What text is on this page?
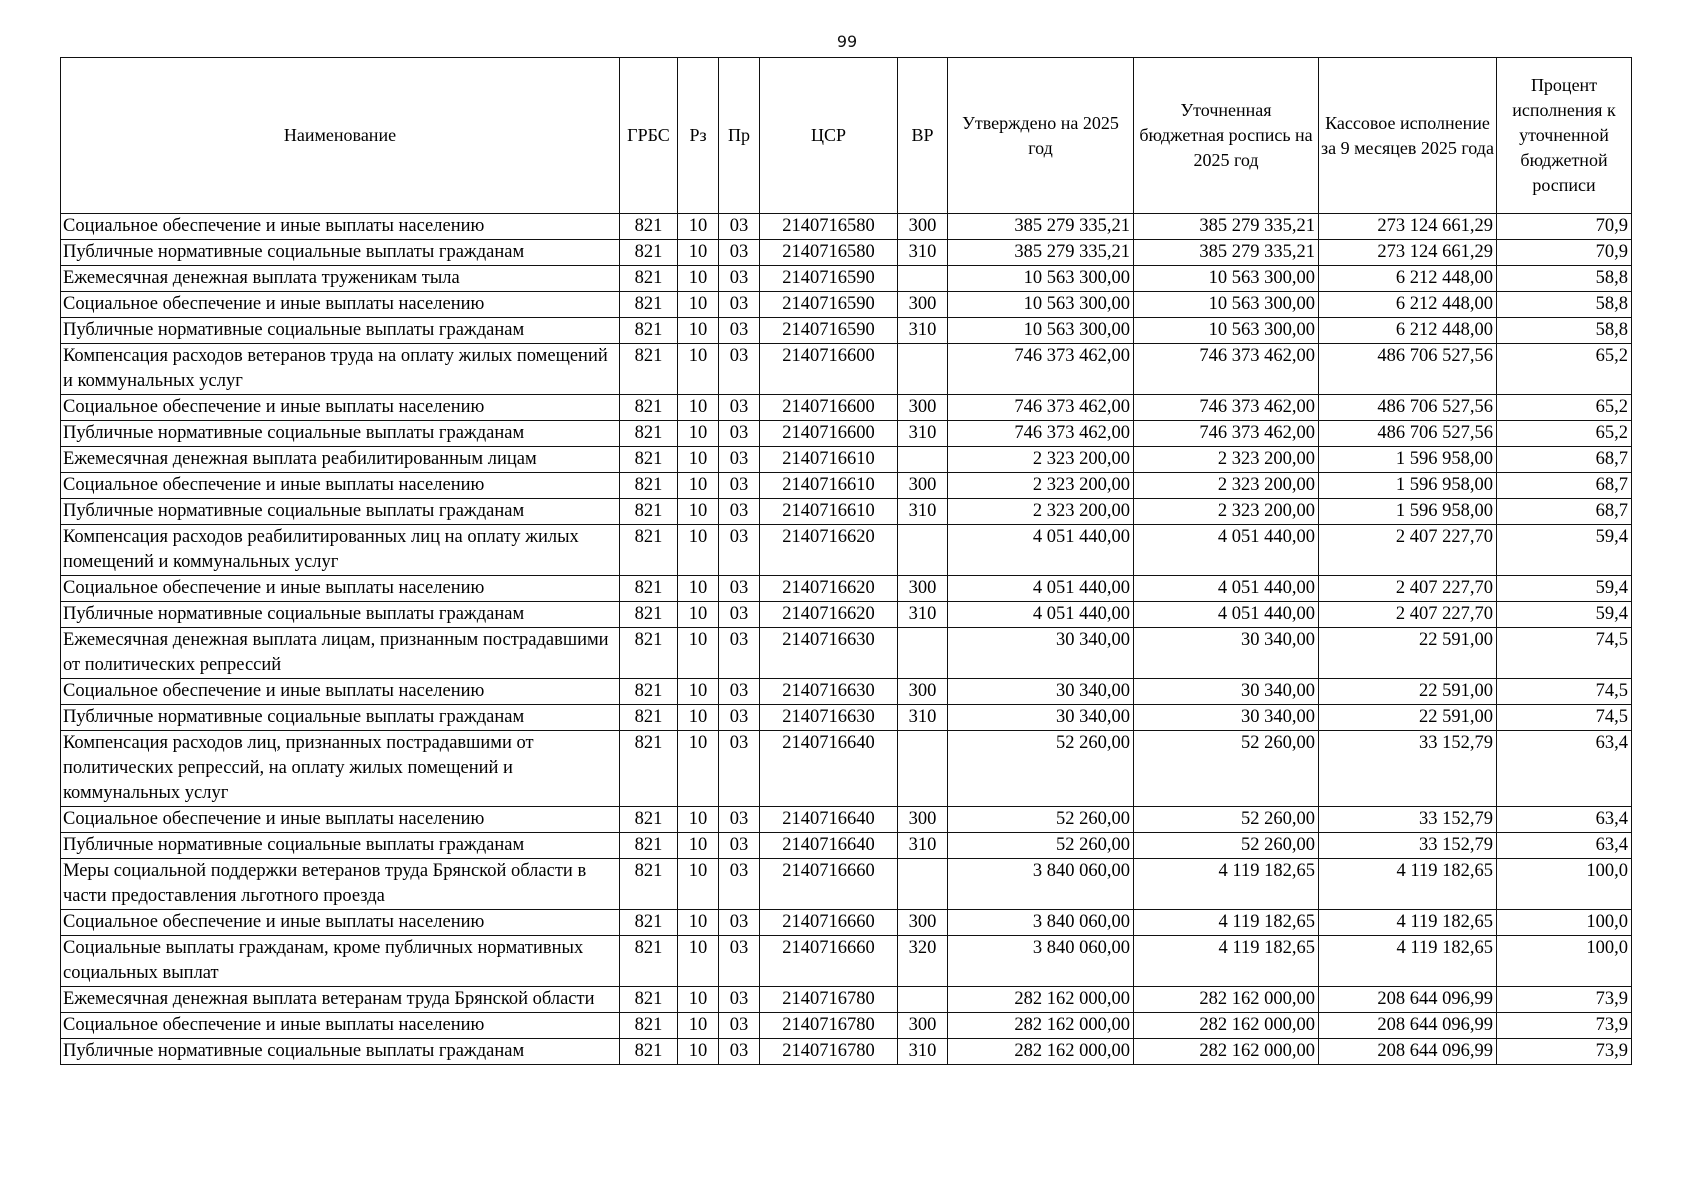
99
Наименование	ГРБС	Рз	Пр	ЦСР	ВР	Утверждено на 2025 год	Уточненная бюджетная роспись на 2025 год	Кассовое исполнение за 9 месяцев 2025 года	Процент исполнения к уточненной бюджетной росписи
Социальное обеспечение и иные выплаты населению	821	10	03	2140716580	300	385 279 335,21	385 279 335,21	273 124 661,29	70,9
Публичные нормативные социальные выплаты гражданам	821	10	03	2140716580	310	385 279 335,21	385 279 335,21	273 124 661,29	70,9
Ежемесячная денежная выплата труженикам тыла	821	10	03	2140716590		10 563 300,00	10 563 300,00	6 212 448,00	58,8
Социальное обеспечение и иные выплаты населению	821	10	03	2140716590	300	10 563 300,00	10 563 300,00	6 212 448,00	58,8
Публичные нормативные социальные выплаты гражданам	821	10	03	2140716590	310	10 563 300,00	10 563 300,00	6 212 448,00	58,8
Компенсация расходов ветеранов труда на оплату жилых помещений и коммунальных услуг	821	10	03	2140716600		746 373 462,00	746 373 462,00	486 706 527,56	65,2
Социальное обеспечение и иные выплаты населению	821	10	03	2140716600	300	746 373 462,00	746 373 462,00	486 706 527,56	65,2
Публичные нормативные социальные выплаты гражданам	821	10	03	2140716600	310	746 373 462,00	746 373 462,00	486 706 527,56	65,2
Ежемесячная денежная выплата реабилитированным лицам	821	10	03	2140716610		2 323 200,00	2 323 200,00	1 596 958,00	68,7
Социальное обеспечение и иные выплаты населению	821	10	03	2140716610	300	2 323 200,00	2 323 200,00	1 596 958,00	68,7
Публичные нормативные социальные выплаты гражданам	821	10	03	2140716610	310	2 323 200,00	2 323 200,00	1 596 958,00	68,7
Компенсация расходов реабилитированных лиц на оплату жилых помещений и коммунальных услуг	821	10	03	2140716620		4 051 440,00	4 051 440,00	2 407 227,70	59,4
Социальное обеспечение и иные выплаты населению	821	10	03	2140716620	300	4 051 440,00	4 051 440,00	2 407 227,70	59,4
Публичные нормативные социальные выплаты гражданам	821	10	03	2140716620	310	4 051 440,00	4 051 440,00	2 407 227,70	59,4
Ежемесячная денежная выплата лицам, признанным пострадавшими от политических репрессий	821	10	03	2140716630		30 340,00	30 340,00	22 591,00	74,5
Социальное обеспечение и иные выплаты населению	821	10	03	2140716630	300	30 340,00	30 340,00	22 591,00	74,5
Публичные нормативные социальные выплаты гражданам	821	10	03	2140716630	310	30 340,00	30 340,00	22 591,00	74,5
Компенсация расходов лиц, признанных пострадавшими от политических репрессий, на оплату жилых помещений и коммунальных услуг	821	10	03	2140716640		52 260,00	52 260,00	33 152,79	63,4
Социальное обеспечение и иные выплаты населению	821	10	03	2140716640	300	52 260,00	52 260,00	33 152,79	63,4
Публичные нормативные социальные выплаты гражданам	821	10	03	2140716640	310	52 260,00	52 260,00	33 152,79	63,4
Меры социальной поддержки ветеранов труда Брянской области в части предоставления льготного проезда	821	10	03	2140716660		3 840 060,00	4 119 182,65	4 119 182,65	100,0
Социальное обеспечение и иные выплаты населению	821	10	03	2140716660	300	3 840 060,00	4 119 182,65	4 119 182,65	100,0
Социальные выплаты гражданам, кроме публичных нормативных социальных выплат	821	10	03	2140716660	320	3 840 060,00	4 119 182,65	4 119 182,65	100,0
Ежемесячная денежная выплата ветеранам труда Брянской области	821	10	03	2140716780		282 162 000,00	282 162 000,00	208 644 096,99	73,9
Социальное обеспечение и иные выплаты населению	821	10	03	2140716780	300	282 162 000,00	282 162 000,00	208 644 096,99	73,9
Публичные нормативные социальные выплаты гражданам	821	10	03	2140716780	310	282 162 000,00	282 162 000,00	208 644 096,99	73,9
